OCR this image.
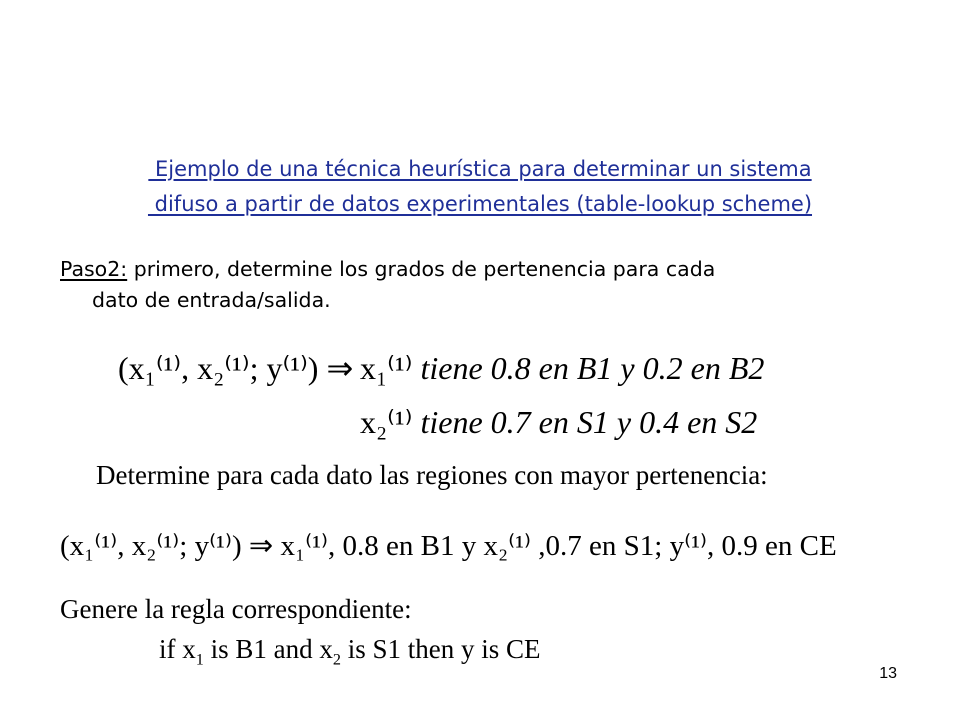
Ejemplo de una técnica heurística para determinar un sistema
difuso a partir de datos experimentales (table-lookup scheme)
Paso2: primero, determine los grados de pertenencia para cada
dato de entrada/salida.
(x₁⁽¹⁾, x₂⁽¹⁾; y⁽¹⁾) ⇒ x₁⁽¹⁾ tiene 0.8 en B1 y 0.2 en B2
x₂⁽¹⁾ tiene 0.7 en S1 y 0.4 en S2
Determine para cada dato las regiones con mayor pertenencia:
(x₁⁽¹⁾, x₂⁽¹⁾; y⁽¹⁾) ⇒ x₁⁽¹⁾, 0.8 en B1 y x₂⁽¹⁾ ,0.7 en S1; y⁽¹⁾, 0.9 en CE
Genere la regla correspondiente:
if $x_1$ is B1 and $x_2$ is S1 then y is CE
13
